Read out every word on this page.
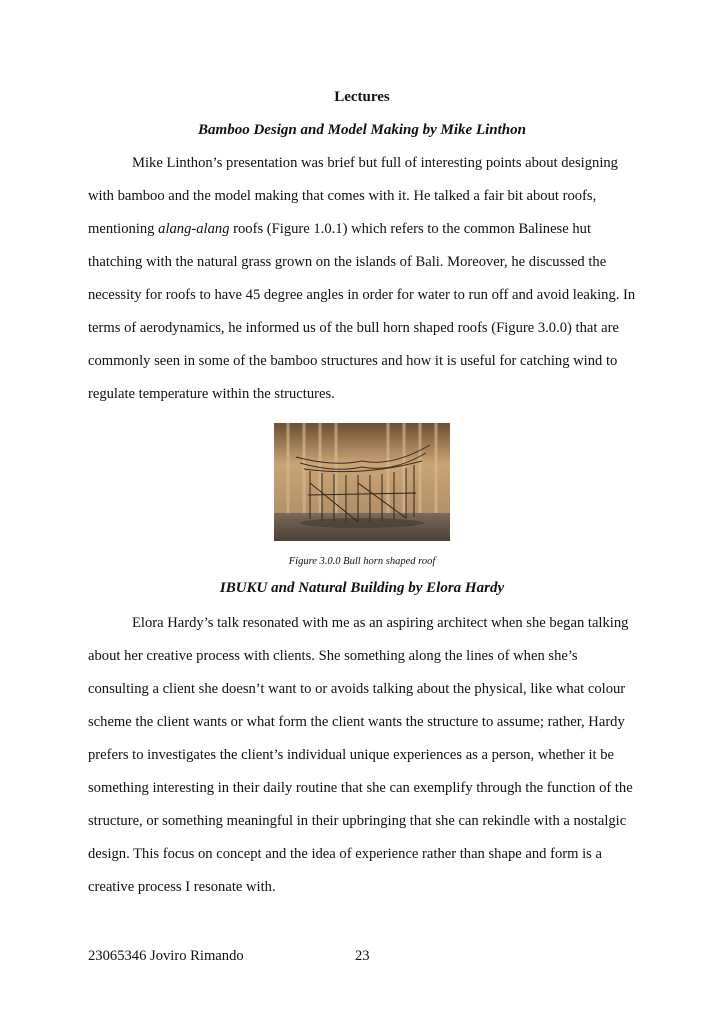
Lectures
Bamboo Design and Model Making by Mike Linthon

Mike Linthon’s presentation was brief but full of interesting points about designing with bamboo and the model making that comes with it. He talked a fair bit about roofs, mentioning alang-alang roofs (Figure 1.0.1) which refers to the common Balinese hut thatching with the natural grass grown on the islands of Bali. Moreover, he discussed the necessity for roofs to have 45 degree angles in order for water to run off and avoid leaking. In terms of aerodynamics, he informed us of the bull horn shaped roofs (Figure 3.0.0) that are commonly seen in some of the bamboo structures and how it is useful for catching wind to regulate temperature within the structures.

Figure 3.0.0 Bull horn shaped roof
IBUKU and Natural Building by Elora Hardy

Elora Hardy’s talk resonated with me as an aspiring architect when she began talking about her creative process with clients. She something along the lines of when she’s consulting a client she doesn’t want to or avoids talking about the physical, like what colour scheme the client wants or what form the client wants the structure to assume; rather, Hardy prefers to investigates the client’s individual unique experiences as a person, whether it be something interesting in their daily routine that she can exemplify through the function of the structure, or something meaningful in their upbringing that she can rekindle with a nostalgic design. This focus on concept and the idea of experience rather than shape and form is a creative process I resonate with.

23065346 Joviro Rimando	23
